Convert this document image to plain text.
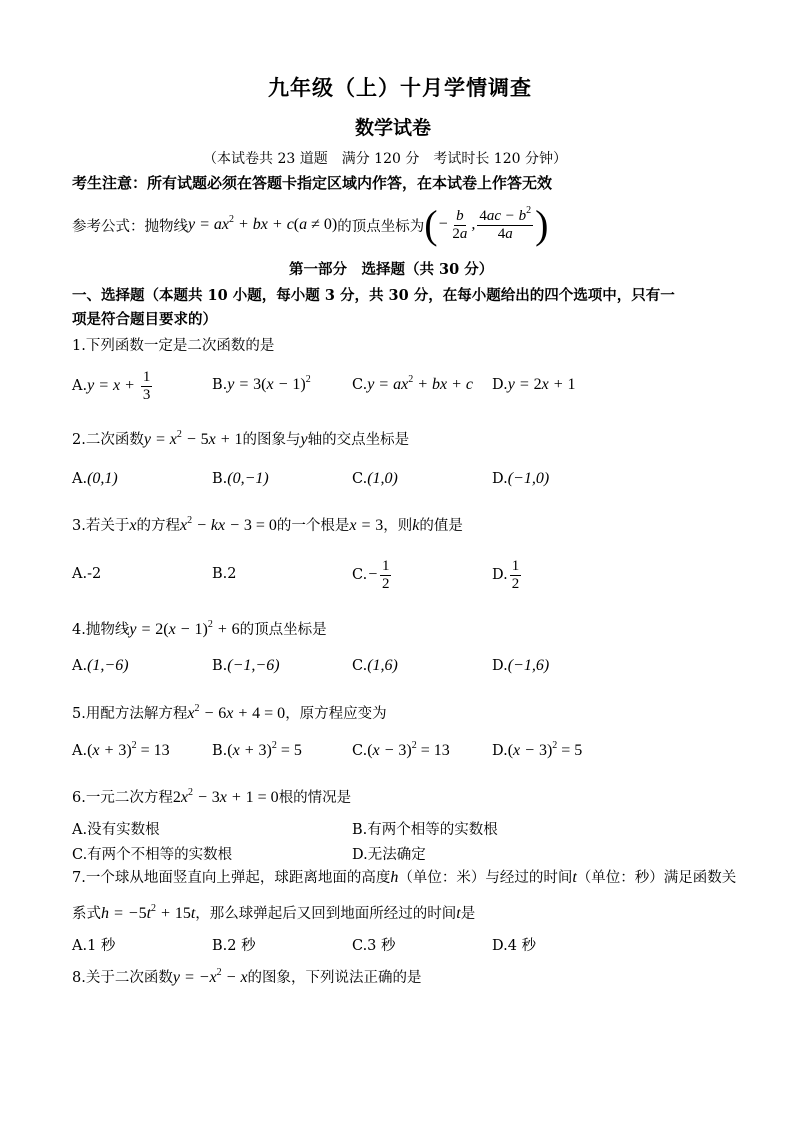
九年级（上）十月学情调查
数学试卷
（本试卷共 23 道题　满分 120 分　考试时长 120 分钟）
考生注意：所有试题必须在答题卡指定区域内作答，在本试卷上作答无效
参考公式：抛物线 $y = ax^2$ + bx + c(a ≠ 0) 的顶点坐标为 (− $\frac{b}{2a}$ , $\frac{4ac - b^2}{4a}$ )
第一部分　选择题（共 30 分）
一、选择题（本题共 10 小题，每小题 3 分，共 30 分，在每小题给出的四个选项中，只有一
项是符合题目要求的）
1.下列函数一定是二次函数的是
A. $y = x + \frac{1}{3}$	$B.y = 3(x - 1)^2$	$C.y = ax^2$ + bx + c D.y = 2x + 1
2.二次函数$y = x^2 - 5x + 1$的图象与y轴的交点坐标是
A.(0,1)	B.(0,−1)	C.(1,0)	D.(−1,0)
3.若关于x的方程$x^2$ − kx − 3 = 0的一个根是x = 3，则k的值是
A.-2	B.2	C. − $\frac{1}{2}$	D. $\frac{1}{2}$
4.抛物线$y = 2(x - 1)^2 + 6$的顶点坐标是
A.(1,−6)	B.(−1,−6)	C.(1,6)	D.(−1,6)
5.用配方法解方程$x^2 - 6x + 4 = 0$，原方程应变为
$A.(x + 3)^2 = 13$	$B.(x + 3)^2 = 5$	$C.(x - 3)^2 = 13$	$D.(x - 3)^2 = 5$
6.一元二次方程$2x^2 - 3x + 1 = 0$根的情况是
A.没有实数根	B.有两个相等的实数根
C.有两个不相等的实数根	D.无法确定
7.一个球从地面竖直向上弹起，球距离地面的高度h（单位：米）与经过的时间t（单位：秒）满足函数关
系式$h = -5t^2 + 15t$，那么球弹起后又回到地面所经过的时间t是
A.1 秒	B.2 秒	C.3 秒	D.4 秒
8.关于二次函数$y = -x^2 - x$的图象，下列说法正确的是
